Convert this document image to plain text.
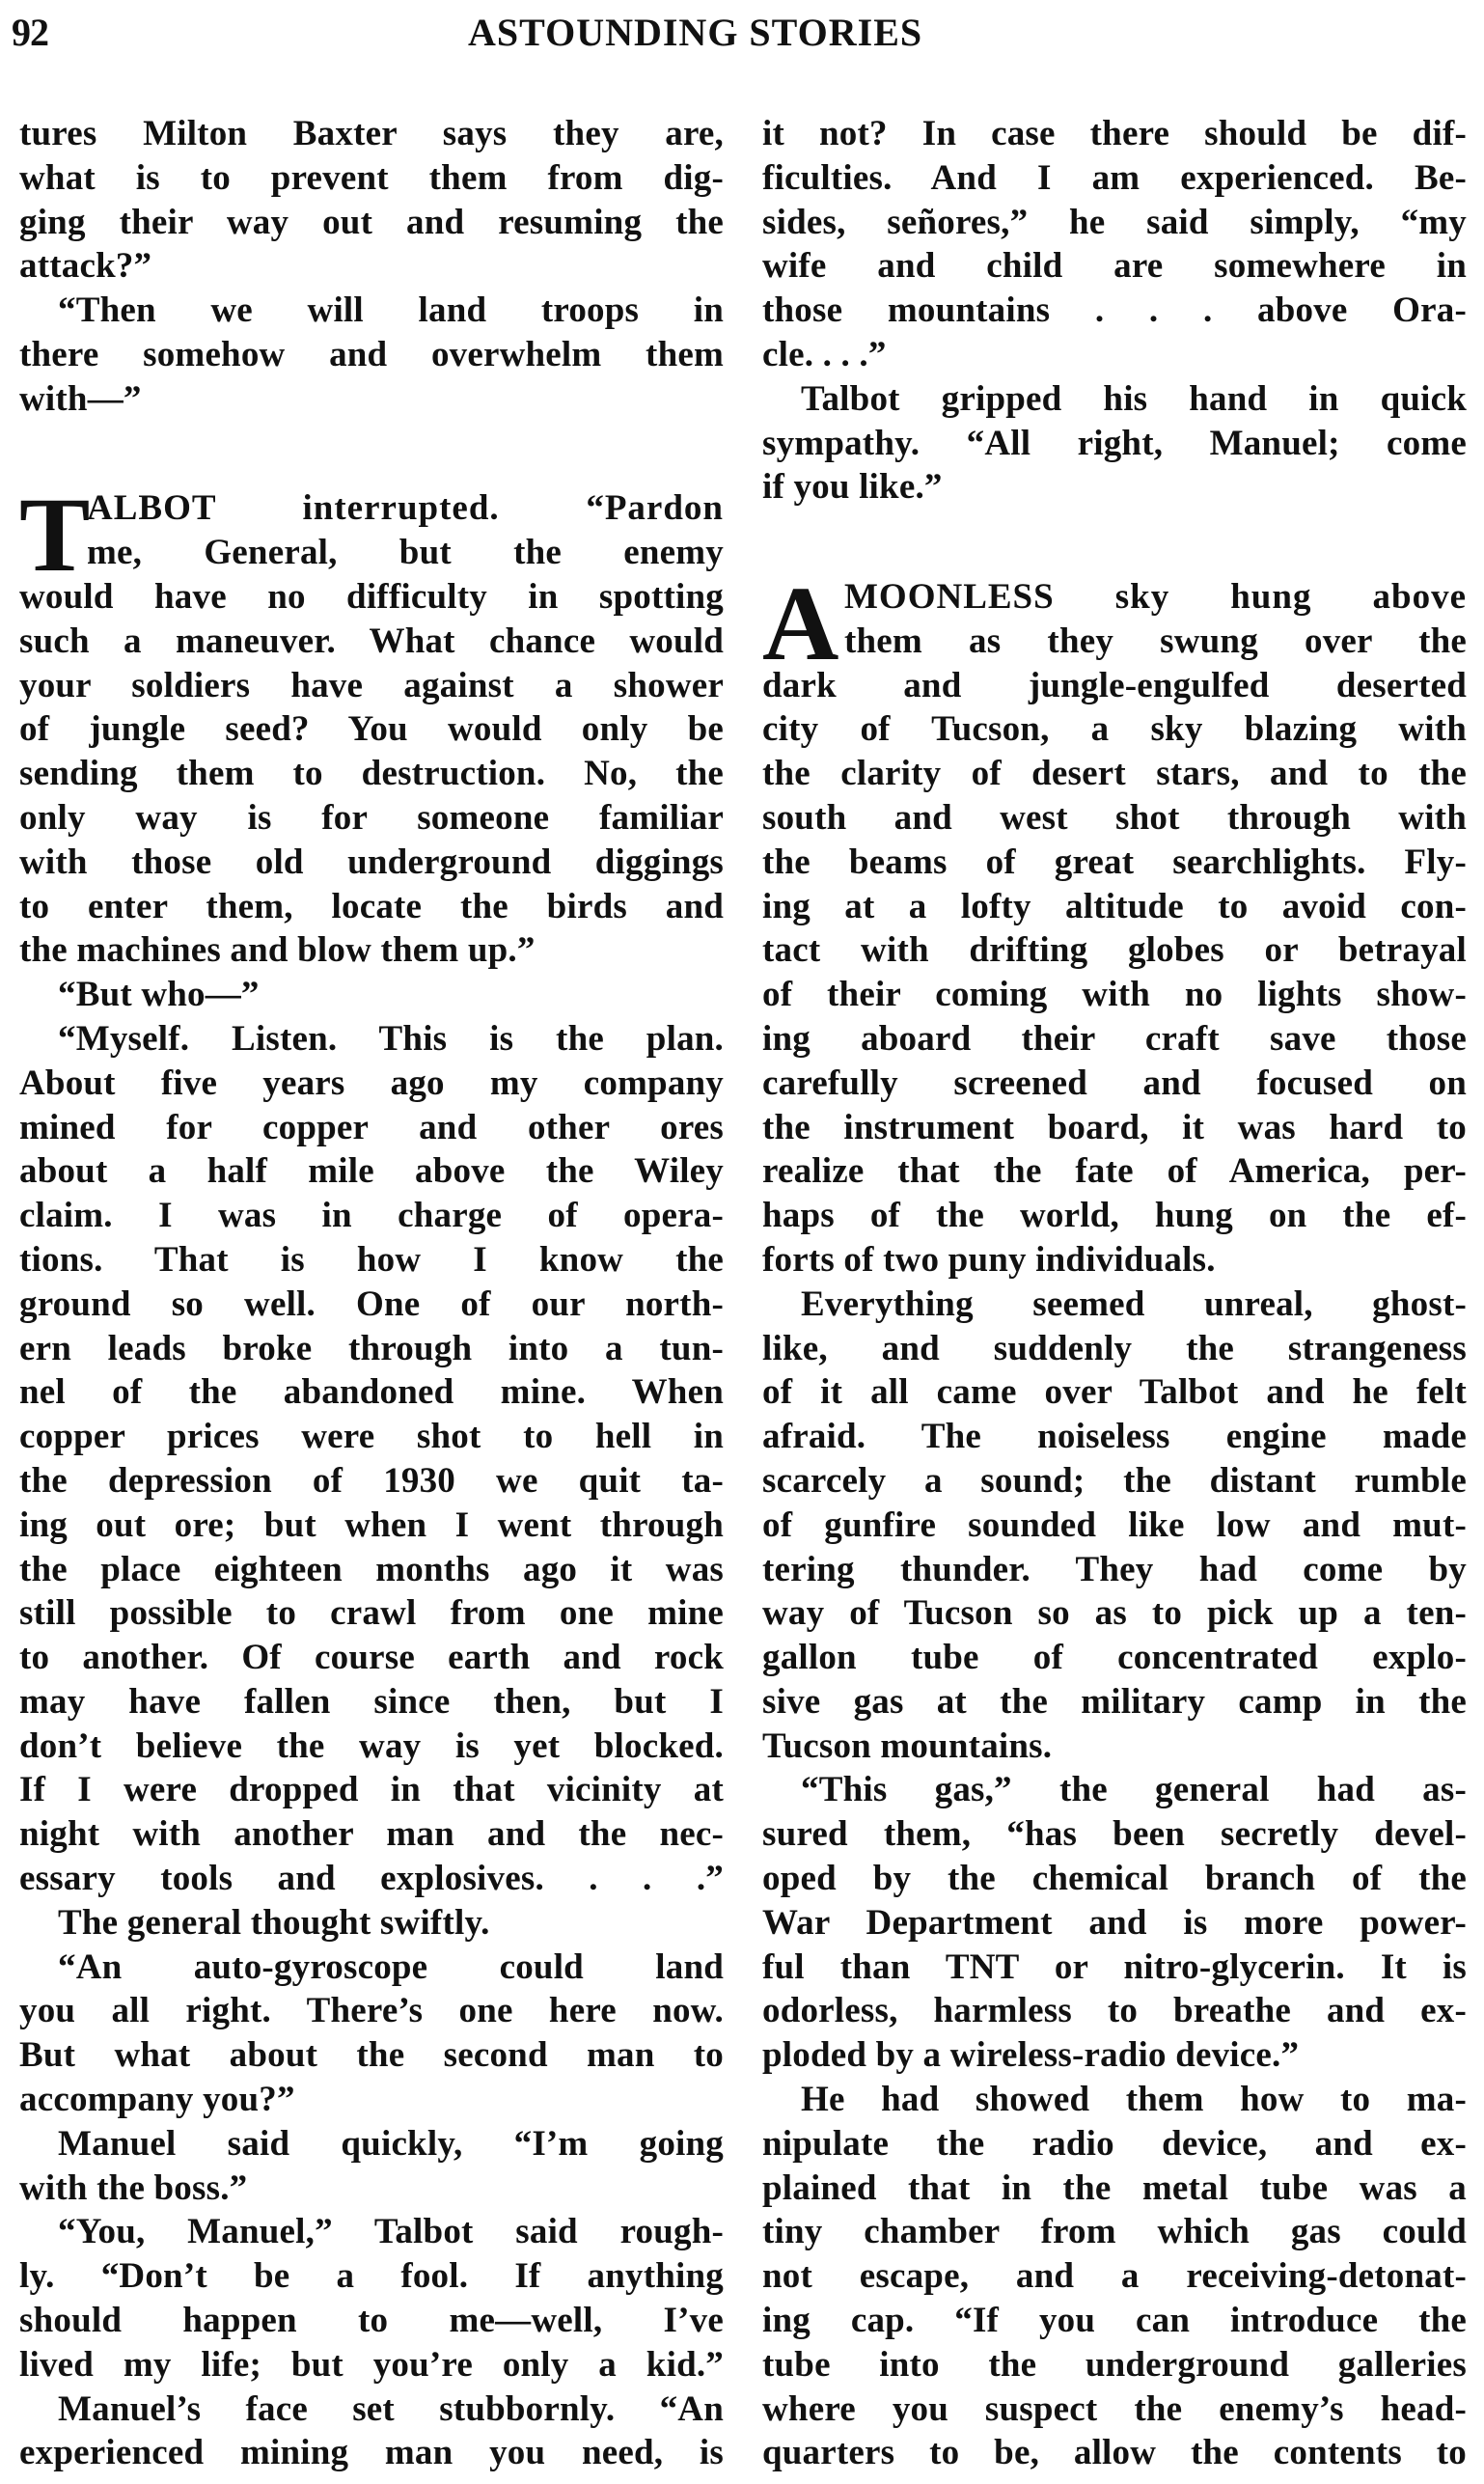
92	ASTOUNDING STORIES
tures Milton Baxter says they are,
what is to prevent them from dig-
ging their way out and resuming the
attack?”
“Then we will land troops in
there somehow and overwhelm them
with—”
T
ALBOT interrupted. “Pardon
me, General, but the enemy
would have no difficulty in spotting
such a maneuver. What chance would
your soldiers have against a shower
of jungle seed? You would only be
sending them to destruction. No, the
only way is for someone familiar
with those old underground diggings
to enter them, locate the birds and
the machines and blow them up.”
“But who—”
“Myself. Listen. This is the plan.
About five years ago my company
mined for copper and other ores
about a half mile above the Wiley
claim. I was in charge of opera-
tions. That is how I know the
ground so well. One of our north-
ern leads broke through into a tun-
nel of the abandoned mine. When
copper prices were shot to hell in
the depression of 1930 we quit ta-
ing out ore; but when I went through
the place eighteen months ago it was
still possible to crawl from one mine
to another. Of course earth and rock
may have fallen since then, but I
don’t believe the way is yet blocked.
If I were dropped in that vicinity at
night with another man and the nec-
essary tools and explosives. . . .”
The general thought swiftly.
“An auto-gyroscope could land
you all right. There’s one here now.
But what about the second man to
accompany you?”
Manuel said quickly, “I’m going
with the boss.”
“You, Manuel,” Talbot said rough-
ly. “Don’t be a fool. If anything
should happen to me—well, I’ve
lived my life; but you’re only a kid.”
Manuel’s face set stubbornly. “An
experienced mining man you need, is
it not? In case there should be dif-
ficulties. And I am experienced. Be-
sides, señores,” he said simply, “my
wife and child are somewhere in
those mountains . . . above Ora-
cle. . . .”
Talbot gripped his hand in quick
sympathy. “All right, Manuel; come
if you like.”
A MOONLESS sky hung above
them as they swung over the
dark and jungle-engulfed deserted
city of Tucson, a sky blazing with
the clarity of desert stars, and to the
south and west shot through with
the beams of great searchlights. Fly-
ing at a lofty altitude to avoid con-
tact with drifting globes or betrayal
of their coming with no lights show-
ing aboard their craft save those
carefully screened and focused on
the instrument board, it was hard to
realize that the fate of America, per-
haps of the world, hung on the ef-
forts of two puny individuals.
Everything seemed unreal, ghost-
like, and suddenly the strangeness
of it all came over Talbot and he felt
afraid. The noiseless engine made
scarcely a sound; the distant rumble
of gunfire sounded like low and mut-
tering thunder. They had come by
way of Tucson so as to pick up a ten-
gallon tube of concentrated explo-
sive gas at the military camp in the
Tucson mountains.
“This gas,” the general had as-
sured them, “has been secretly devel-
oped by the chemical branch of the
War Department and is more power-
ful than TNT or nitro-glycerin. It is
odorless, harmless to breathe and ex-
ploded by a wireless-radio device.”
He had showed them how to ma-
nipulate the radio device, and ex-
plained that in the metal tube was a
tiny chamber from which gas could
not escape, and a receiving-detonat-
ing cap. “If you can introduce the
tube into the underground galleries
where you suspect the enemy’s head-
quarters to be, allow the contents to
